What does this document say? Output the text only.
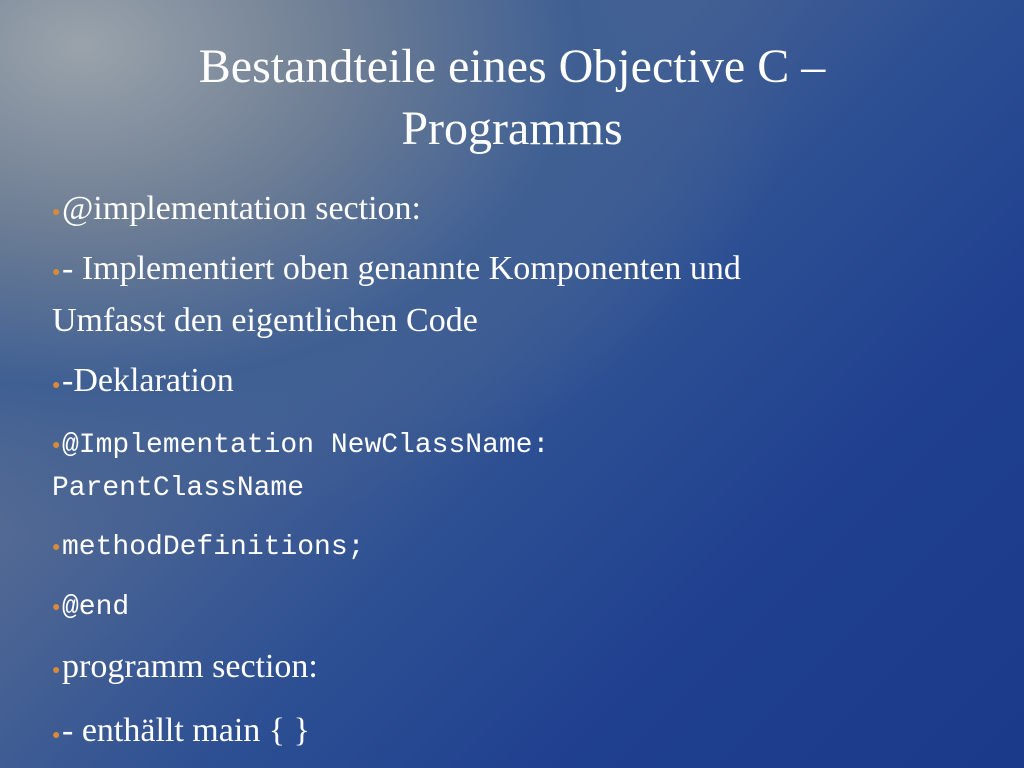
Bestandteile eines Objective C –
Programms
●@implementation section:
●- Implementiert oben genannte Komponenten und
Umfasst den eigentlichen Code
●-Deklaration
●@Implementation NewClassName:
ParentClassName
●methodDefinitions;
●@end
●programm section:
●- enthällt main { }
